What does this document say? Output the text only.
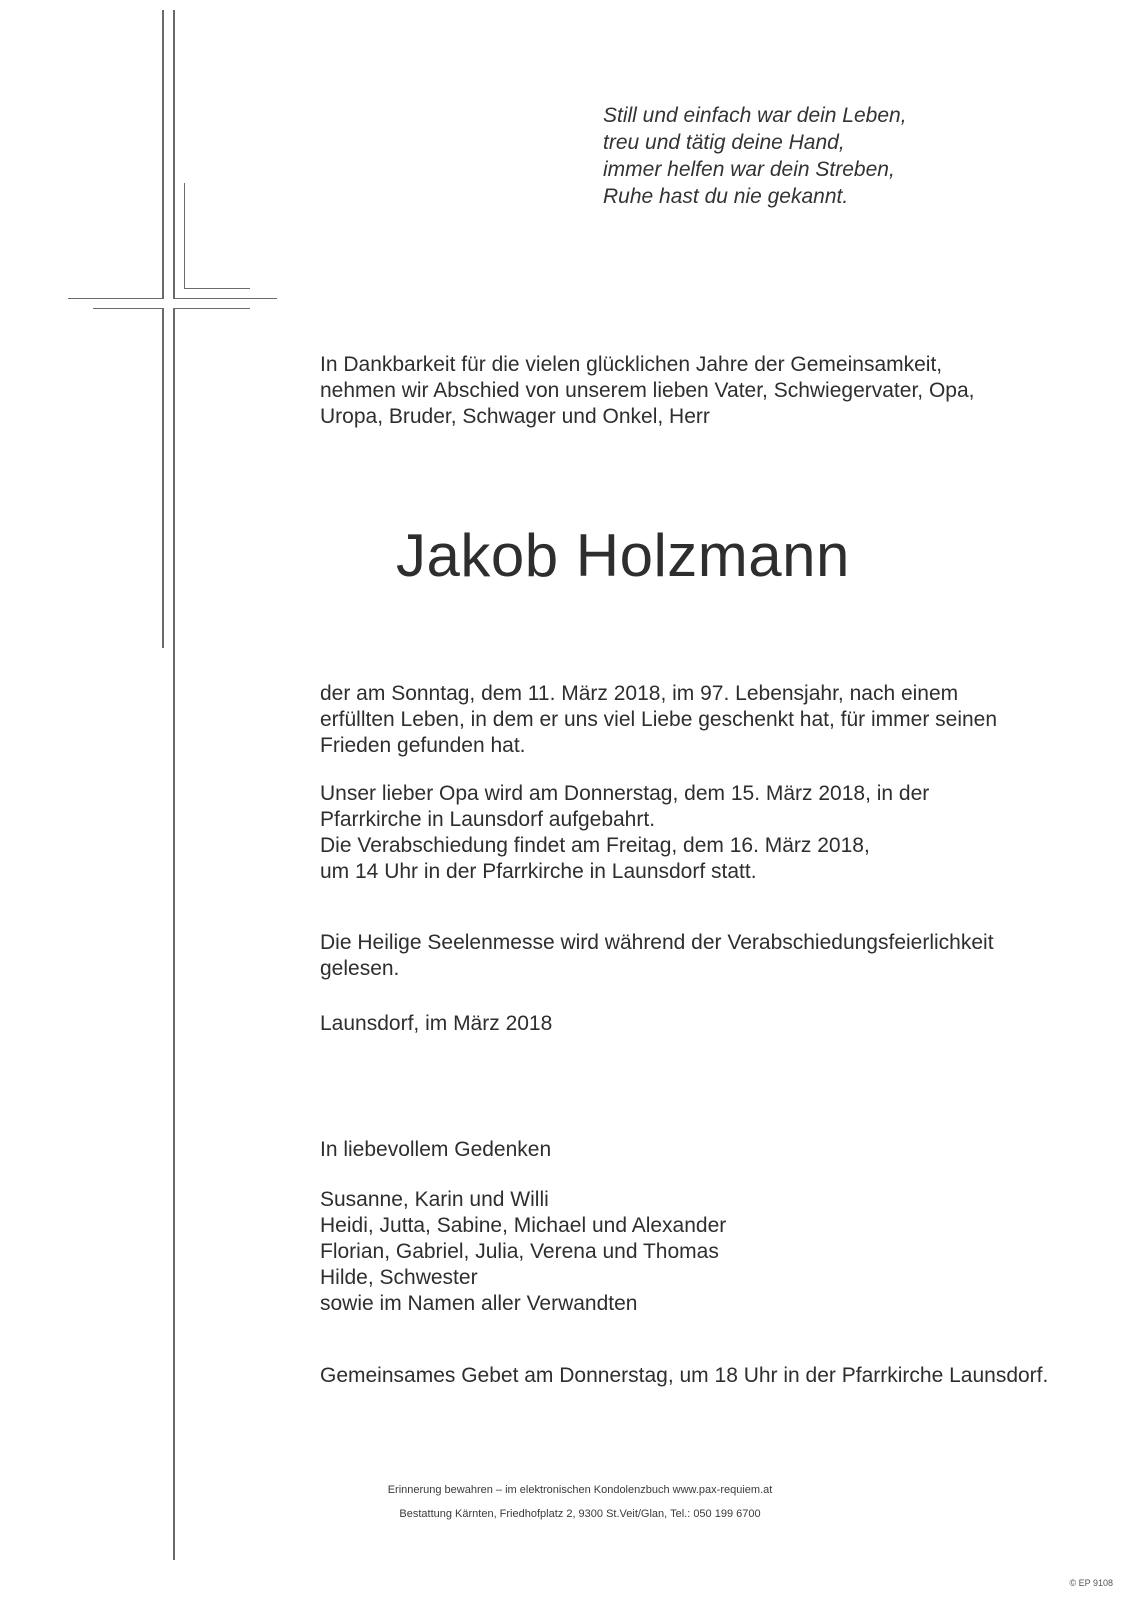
Still und einfach war dein Leben,
treu und tätig deine Hand,
immer helfen war dein Streben,
Ruhe hast du nie gekannt.
In Dankbarkeit für die vielen glücklichen Jahre der Gemeinsamkeit,
nehmen wir Abschied von unserem lieben Vater, Schwiegervater, Opa,
Uropa, Bruder, Schwager und Onkel, Herr
Jakob Holzmann
der am Sonntag, dem 11. März 2018, im 97. Lebensjahr, nach einem
erfüllten Leben, in dem er uns viel Liebe geschenkt hat, für immer seinen
Frieden gefunden hat.
Unser lieber Opa wird am Donnerstag, dem 15. März 2018, in der
Pfarrkirche in Launsdorf aufgebahrt.
Die Verabschiedung findet am Freitag, dem 16. März 2018,
um 14 Uhr in der Pfarrkirche in Launsdorf statt.
Die Heilige Seelenmesse wird während der Verabschiedungsfeierlichkeit
gelesen.
Launsdorf, im März 2018
In liebevollem Gedenken
Susanne, Karin und Willi
Heidi, Jutta, Sabine, Michael und Alexander
Florian, Gabriel, Julia, Verena und Thomas
Hilde, Schwester
sowie im Namen aller Verwandten
Gemeinsames Gebet am Donnerstag, um 18 Uhr in der Pfarrkirche Launsdorf.
Erinnerung bewahren – im elektronischen Kondolenzbuch www.pax-requiem.at
Bestattung Kärnten, Friedhofplatz 2, 9300 St.Veit/Glan, Tel.: 050 199 6700
© EP 9108
